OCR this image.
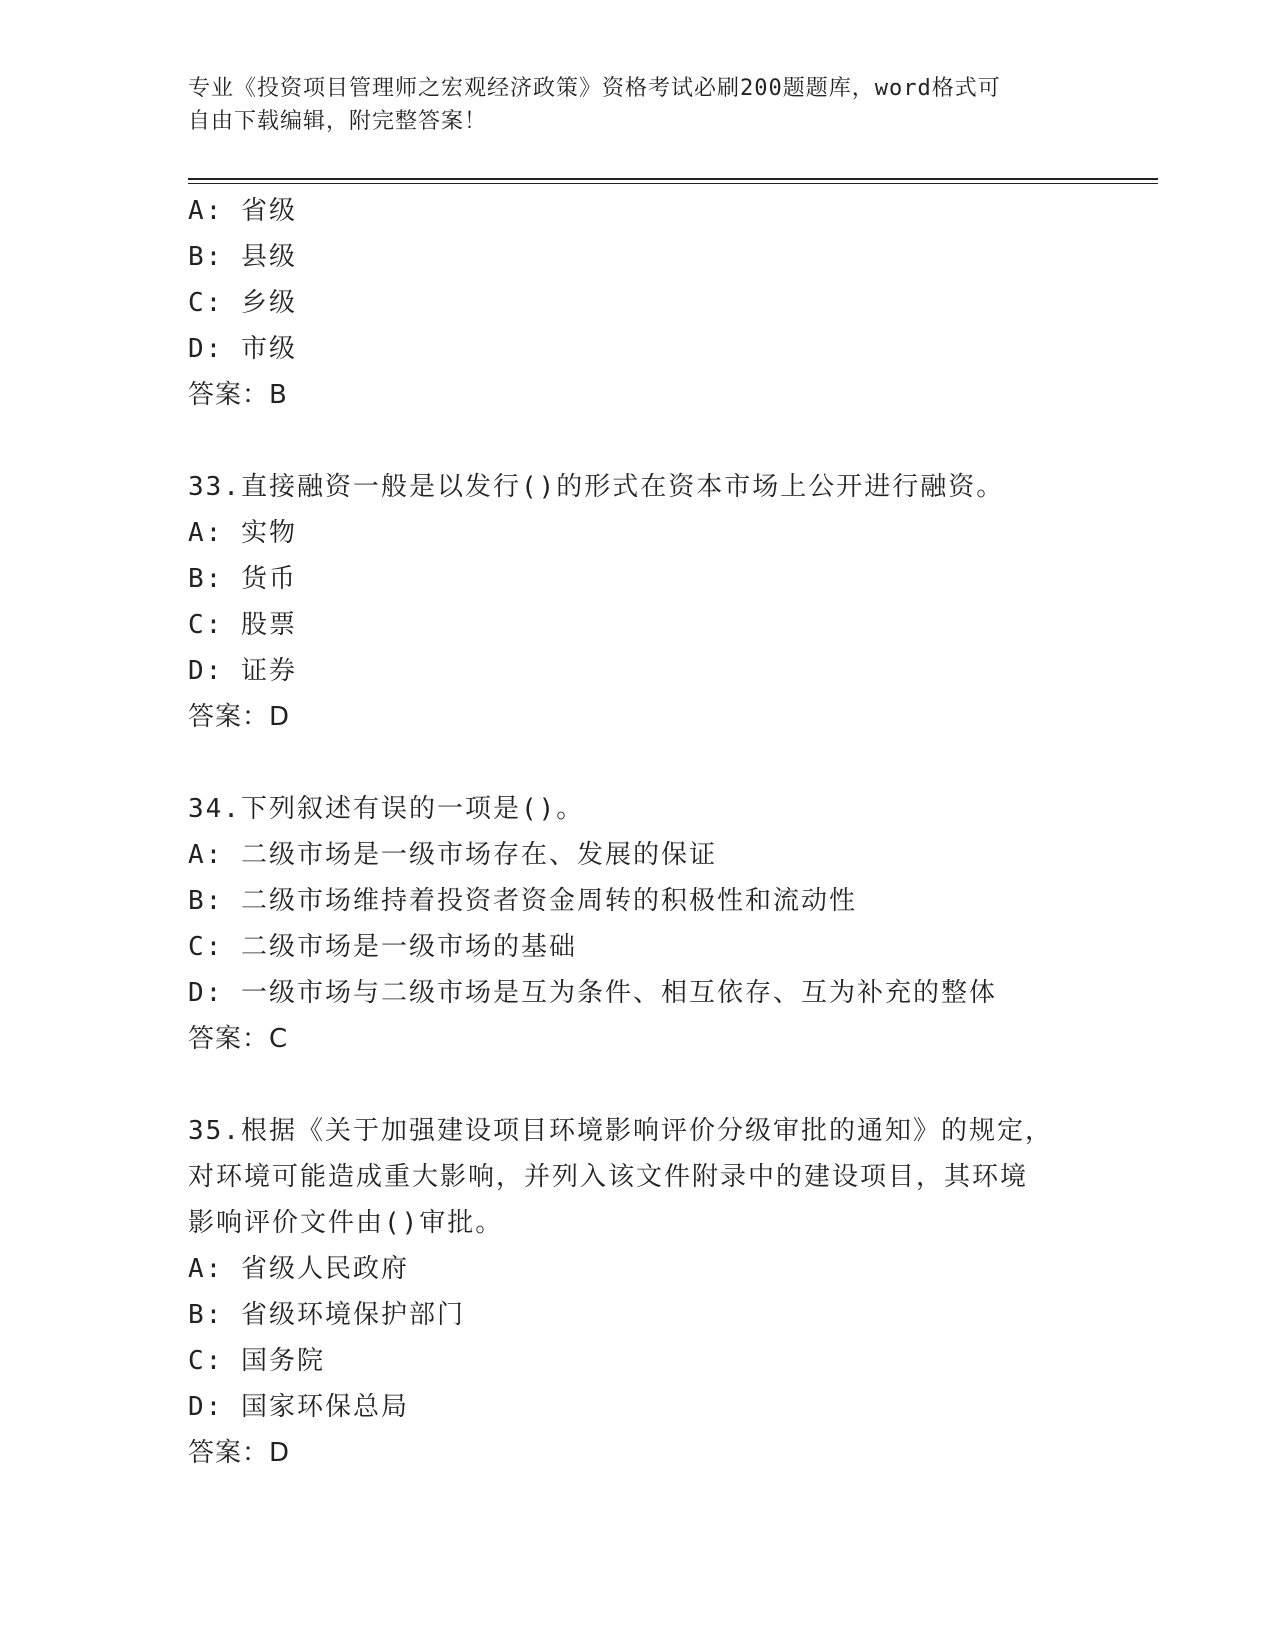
专业《投资项目管理师之宏观经济政策》资格考试必刷200题题库，word格式可
自由下载编辑，附完整答案！
A: 省级
B: 县级
C: 乡级
D: 市级
答案：B
33.直接融资一般是以发行()的形式在资本市场上公开进行融资。
A: 实物
B: 货币
C: 股票
D: 证券
答案：D
34.下列叙述有误的一项是()。
A: 二级市场是一级市场存在、发展的保证
B: 二级市场维持着投资者资金周转的积极性和流动性
C: 二级市场是一级市场的基础
D: 一级市场与二级市场是互为条件、相互依存、互为补充的整体
答案：C
35.根据《关于加强建设项目环境影响评价分级审批的通知》的规定，
对环境可能造成重大影响，并列入该文件附录中的建设项目，其环境
影响评价文件由()审批。
A: 省级人民政府
B: 省级环境保护部门
C: 国务院
D: 国家环保总局
答案：D
